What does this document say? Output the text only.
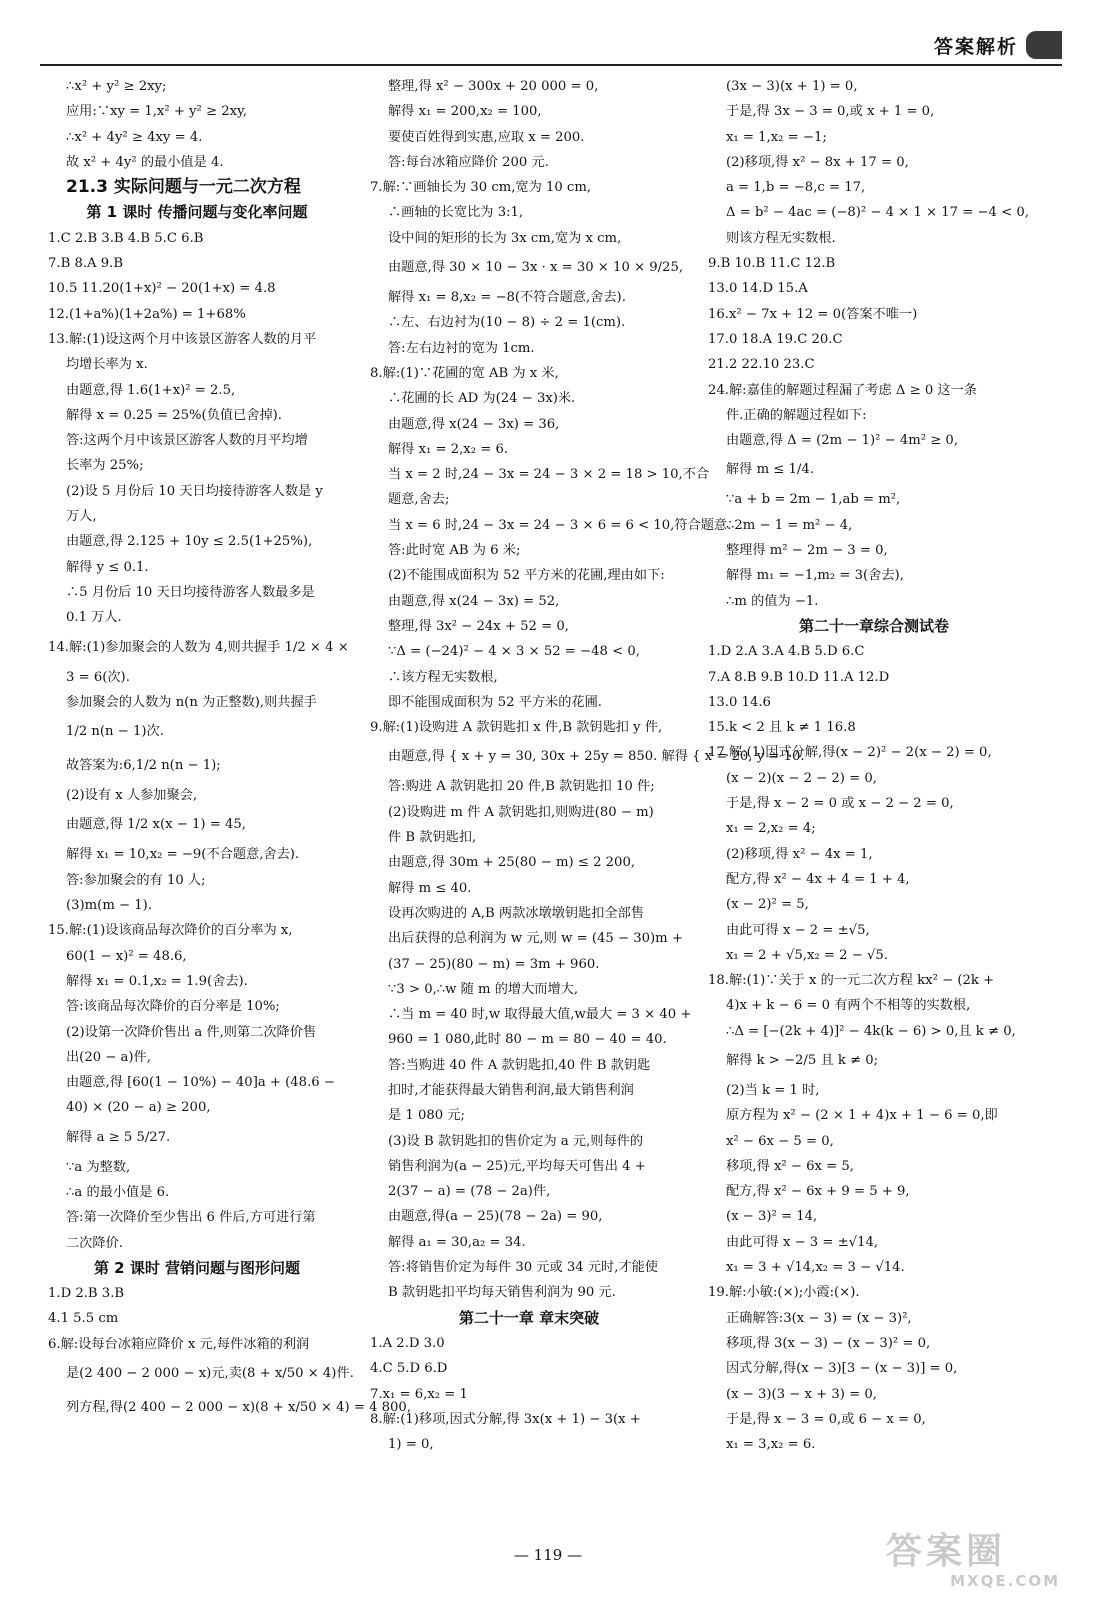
答案解析
∴x² + y² ≥ 2xy;
应用:∵xy = 1,x² + y² ≥ 2xy,
∴x² + 4y² ≥ 4xy = 4.
故 x² + 4y² 的最小值是 4.
21.3 实际问题与一元二次方程
第 1 课时 传播问题与变化率问题
1.C 2.B 3.B 4.B 5.C 6.B
7.B 8.A 9.B
10.5 11.20(1+x)² − 20(1+x) = 4.8
12.(1+a%)(1+2a%) = 1+68%
13.解:(1)设这两个月中该景区游客人数的月平
均增长率为 x.
由题意,得 1.6(1+x)² = 2.5,
解得 x = 0.25 = 25%(负值已舍掉).
答:这两个月中该景区游客人数的月平均增
长率为 25%;
(2)设 5 月份后 10 天日均接待游客人数是 y
万人,
由题意,得 2.125 + 10y ≤ 2.5(1+25%),
解得 y ≤ 0.1.
∴5 月份后 10 天日均接待游客人数最多是
0.1 万人.
14.解:(1)参加聚会的人数为 4,则共握手 1/2 × 4 ×
3 = 6(次).
参加聚会的人数为 n(n 为正整数),则共握手
1/2 n(n − 1)次.
故答案为:6,1/2 n(n − 1);
(2)设有 x 人参加聚会,
由题意,得 1/2 x(x − 1) = 45,
解得 x₁ = 10,x₂ = −9(不合题意,舍去).
答:参加聚会的有 10 人;
(3)m(m − 1).
15.解:(1)设该商品每次降价的百分率为 x,
60(1 − x)² = 48.6,
解得 x₁ = 0.1,x₂ = 1.9(舍去).
答:该商品每次降价的百分率是 10%;
(2)设第一次降价售出 a 件,则第二次降价售
出(20 − a)件,
由题意,得 [60(1 − 10%) − 40]a + (48.6 −
40) × (20 − a) ≥ 200,
解得 a ≥ 5 5/27.
∵a 为整数,
∴a 的最小值是 6.
答:第一次降价至少售出 6 件后,方可进行第
二次降价.
第 2 课时 营销问题与图形问题
1.D 2.B 3.B
4.1 5.5 cm
6.解:设每台冰箱应降价 x 元,每件冰箱的利润
是(2 400 − 2 000 − x)元,卖(8 + x/50 × 4)件.
列方程,得(2 400 − 2 000 − x)(8 + x/50 × 4) = 4 800,
整理,得 x² − 300x + 20 000 = 0,
解得 x₁ = 200,x₂ = 100,
要使百姓得到实惠,应取 x = 200.
答:每台冰箱应降价 200 元.
7.解:∵画轴长为 30 cm,宽为 10 cm,
∴画轴的长宽比为 3:1,
设中间的矩形的长为 3x cm,宽为 x cm,
由题意,得 30 × 10 − 3x · x = 30 × 10 × 9/25,
解得 x₁ = 8,x₂ = −8(不符合题意,舍去).
∴左、右边衬为(10 − 8) ÷ 2 = 1(cm).
答:左右边衬的宽为 1cm.
8.解:(1)∵花圃的宽 AB 为 x 米,
∴花圃的长 AD 为(24 − 3x)米.
由题意,得 x(24 − 3x) = 36,
解得 x₁ = 2,x₂ = 6.
当 x = 2 时,24 − 3x = 24 − 3 × 2 = 18 > 10,不合
题意,舍去;
当 x = 6 时,24 − 3x = 24 − 3 × 6 = 6 < 10,符合题意.
答:此时宽 AB 为 6 米;
(2)不能围成面积为 52 平方米的花圃,理由如下:
由题意,得 x(24 − 3x) = 52,
整理,得 3x² − 24x + 52 = 0,
∵Δ = (−24)² − 4 × 3 × 52 = −48 < 0,
∴该方程无实数根,
即不能围成面积为 52 平方米的花圃.
9.解:(1)设购进 A 款钥匙扣 x 件,B 款钥匙扣 y 件,
由题意,得 { x + y = 30, 30x + 25y = 850. 解得 { x = 20, y = 10.
答:购进 A 款钥匙扣 20 件,B 款钥匙扣 10 件;
(2)设购进 m 件 A 款钥匙扣,则购进(80 − m)
件 B 款钥匙扣,
由题意,得 30m + 25(80 − m) ≤ 2 200,
解得 m ≤ 40.
设再次购进的 A,B 两款冰墩墩钥匙扣全部售
出后获得的总利润为 w 元,则 w = (45 − 30)m +
(37 − 25)(80 − m) = 3m + 960.
∵3 > 0,∴w 随 m 的增大而增大,
∴当 m = 40 时,w 取得最大值,w最大 = 3 × 40 +
960 = 1 080,此时 80 − m = 80 − 40 = 40.
答:当购进 40 件 A 款钥匙扣,40 件 B 款钥匙
扣时,才能获得最大销售利润,最大销售利润
是 1 080 元;
(3)设 B 款钥匙扣的售价定为 a 元,则每件的
销售利润为(a − 25)元,平均每天可售出 4 +
2(37 − a) = (78 − 2a)件,
由题意,得(a − 25)(78 − 2a) = 90,
解得 a₁ = 30,a₂ = 34.
答:将销售价定为每件 30 元或 34 元时,才能使
B 款钥匙扣平均每天销售利润为 90 元.
第二十一章 章末突破
1.A 2.D 3.0
4.C 5.D 6.D
7.x₁ = 6,x₂ = 1
8.解:(1)移项,因式分解,得 3x(x + 1) − 3(x +
1) = 0,
(3x − 3)(x + 1) = 0,
于是,得 3x − 3 = 0,或 x + 1 = 0,
x₁ = 1,x₂ = −1;
(2)移项,得 x² − 8x + 17 = 0,
a = 1,b = −8,c = 17,
Δ = b² − 4ac = (−8)² − 4 × 1 × 17 = −4 < 0,
则该方程无实数根.
9.B 10.B 11.C 12.B
13.0 14.D 15.A
16.x² − 7x + 12 = 0(答案不唯一)
17.0 18.A 19.C 20.C
21.2 22.10 23.C
24.解:嘉佳的解题过程漏了考虑 Δ ≥ 0 这一条
件.正确的解题过程如下:
由题意,得 Δ = (2m − 1)² − 4m² ≥ 0,
解得 m ≤ 1/4.
∵a + b = 2m − 1,ab = m²,
∴2m − 1 = m² − 4,
整理得 m² − 2m − 3 = 0,
解得 m₁ = −1,m₂ = 3(舍去),
∴m 的值为 −1.
第二十一章综合测试卷
1.D 2.A 3.A 4.B 5.D 6.C
7.A 8.B 9.B 10.D 11.A 12.D
13.0 14.6
15.k < 2 且 k ≠ 1 16.8
17.解:(1)因式分解,得(x − 2)² − 2(x − 2) = 0,
(x − 2)(x − 2 − 2) = 0,
于是,得 x − 2 = 0 或 x − 2 − 2 = 0,
x₁ = 2,x₂ = 4;
(2)移项,得 x² − 4x = 1,
配方,得 x² − 4x + 4 = 1 + 4,
(x − 2)² = 5,
由此可得 x − 2 = ±√5,
x₁ = 2 + √5,x₂ = 2 − √5.
18.解:(1)∵关于 x 的一元二次方程 kx² − (2k +
4)x + k − 6 = 0 有两个不相等的实数根,
∴Δ = [−(2k + 4)]² − 4k(k − 6) > 0,且 k ≠ 0,
解得 k > −2/5 且 k ≠ 0;
(2)当 k = 1 时,
原方程为 x² − (2 × 1 + 4)x + 1 − 6 = 0,即
x² − 6x − 5 = 0,
移项,得 x² − 6x = 5,
配方,得 x² − 6x + 9 = 5 + 9,
(x − 3)² = 14,
由此可得 x − 3 = ±√14,
x₁ = 3 + √14,x₂ = 3 − √14.
19.解:小敏:(×);小霞:(×).
正确解答:3(x − 3) = (x − 3)²,
移项,得 3(x − 3) − (x − 3)² = 0,
因式分解,得(x − 3)[3 − (x − 3)] = 0,
(x − 3)(3 − x + 3) = 0,
于是,得 x − 3 = 0,或 6 − x = 0,
x₁ = 3,x₂ = 6.
— 119 —	答案圈
MXQE.COM
